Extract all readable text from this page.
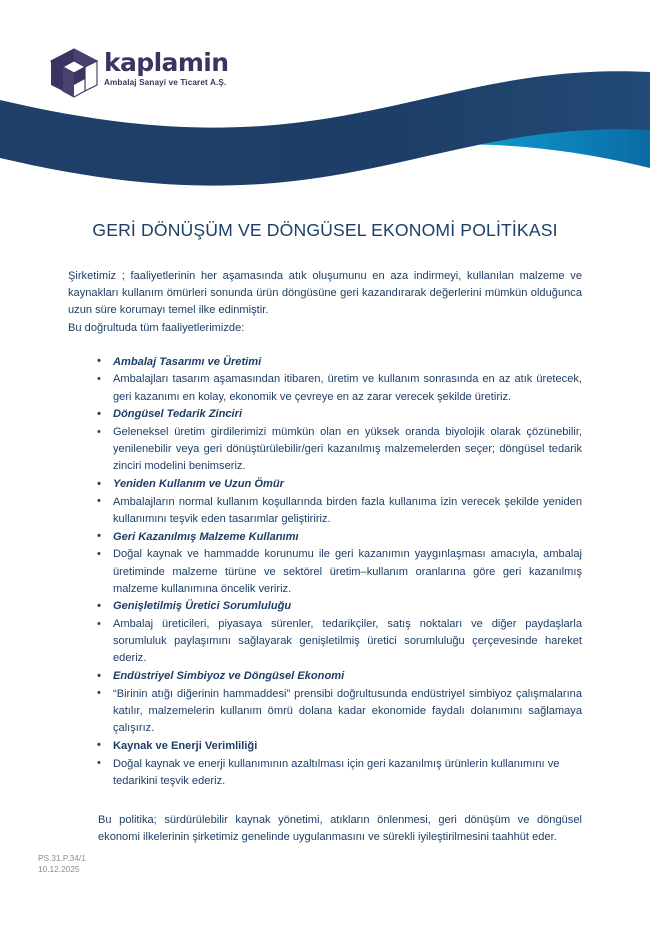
kaplamin
Ambalaj Sanayi ve Ticaret A.Ş.
GERİ DÖNÜŞÜM VE DÖNGÜSEL EKONOMİ POLİTİKASI

Şirketimiz ; faaliyetlerinin her aşamasında atık oluşumunu en aza indirmeyi, kullanılan malzeme ve kaynakları kullanım ömürleri sonunda ürün döngüsüne geri kazandırarak değerlerini mümkün olduğunca uzun süre korumayı temel ilke edinmiştir.

Bu doğrultuda tüm faaliyetlerimizde:

• Ambalaj Tasarımı ve Üretimi
• Ambalajları tasarım aşamasından itibaren, üretim ve kullanım sonrasında en az atık üretecek, geri kazanımı en kolay, ekonomik ve çevreye en az zarar verecek şekilde üretiriz.
• Döngüsel Tedarik Zinciri
• Geleneksel üretim girdilerimizi mümkün olan en yüksek oranda biyolojik olarak çözünebilir, yenilenebilir veya geri dönüştürülebilir/geri kazanılmış malzemelerden seçer; döngüsel tedarik zinciri modelini benimseriz.
• Yeniden Kullanım ve Uzun Ömür
• Ambalajların normal kullanım koşullarında birden fazla kullanıma izin verecek şekilde yeniden kullanımını teşvik eden tasarımlar geliştiririz.
• Geri Kazanılmış Malzeme Kullanımı
• Doğal kaynak ve hammadde korunumu ile geri kazanımın yaygınlaşması amacıyla, ambalaj üretiminde malzeme türüne ve sektörel üretim–kullanım oranlarına göre geri kazanılmış malzeme kullanımına öncelik veririz.
• Genişletilmiş Üretici Sorumluluğu
• Ambalaj üreticileri, piyasaya sürenler, tedarikçiler, satış noktaları ve diğer paydaşlarla sorumluluk paylaşımını sağlayarak genişletilmiş üretici sorumluluğu çerçevesinde hareket ederiz.
• Endüstriyel Simbiyoz ve Döngüsel Ekonomi
• “Birinin atığı diğerinin hammaddesi” prensibi doğrultusunda endüstriyel simbiyoz çalışmalarına katılır, malzemelerin kullanım ömrü dolana kadar ekonomide faydalı dolanımını sağlamaya çalışırız.
• Kaynak ve Enerji Verimliliği
• Doğal kaynak ve enerji kullanımının azaltılması için geri kazanılmış ürünlerin kullanımını ve tedarikini teşvik ederiz.

Bu politika; sürdürülebilir kaynak yönetimi, atıkların önlenmesi, geri dönüşüm ve döngüsel ekonomi ilkelerinin şirketimiz genelinde uygulanmasını ve sürekli iyileştirilmesini taahhüt eder.

PS.31.P.34/1
10.12.2025
